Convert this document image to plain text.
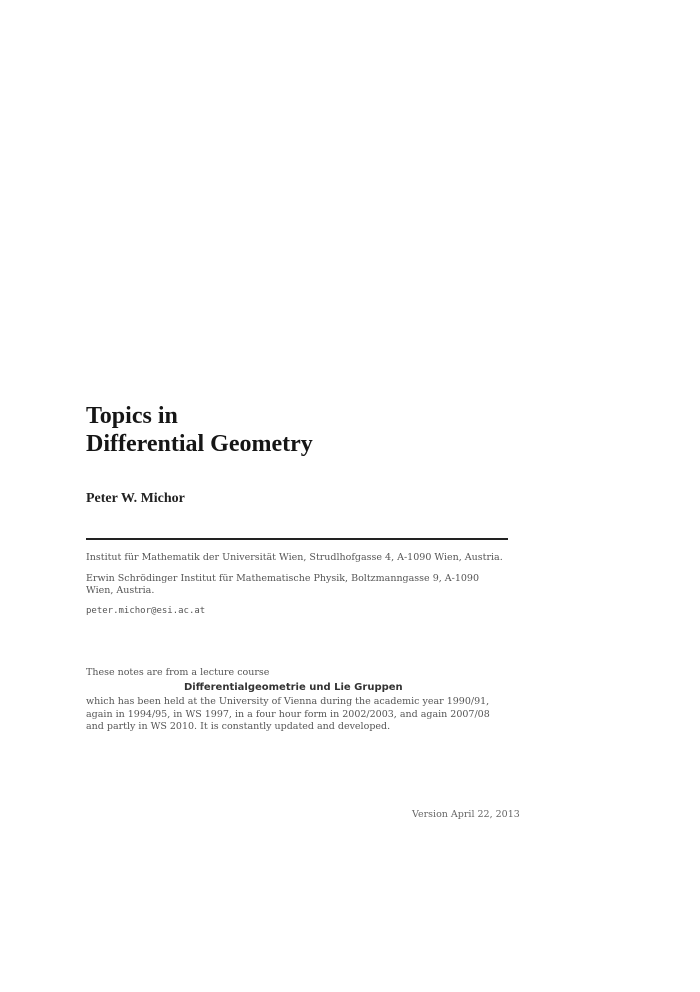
Topics in
Differential Geometry
Peter W. Michor

Institut für Mathematik der Universität Wien, Strudlhofgasse 4, A-1090 Wien, Austria.

Erwin Schrödinger Institut für Mathematische Physik, Boltzmanngasse 9, A-1090 Wien, Austria.

peter.michor@esi.ac.at

These notes are from a lecture course

Differentialgeometrie und Lie Gruppen

which has been held at the University of Vienna during the academic year 1990/91, again in 1994/95, in WS 1997, in a four hour form in 2002/2003, and again 2007/08 and partly in WS 2010. It is constantly updated and developed.

Version April 22, 2013
